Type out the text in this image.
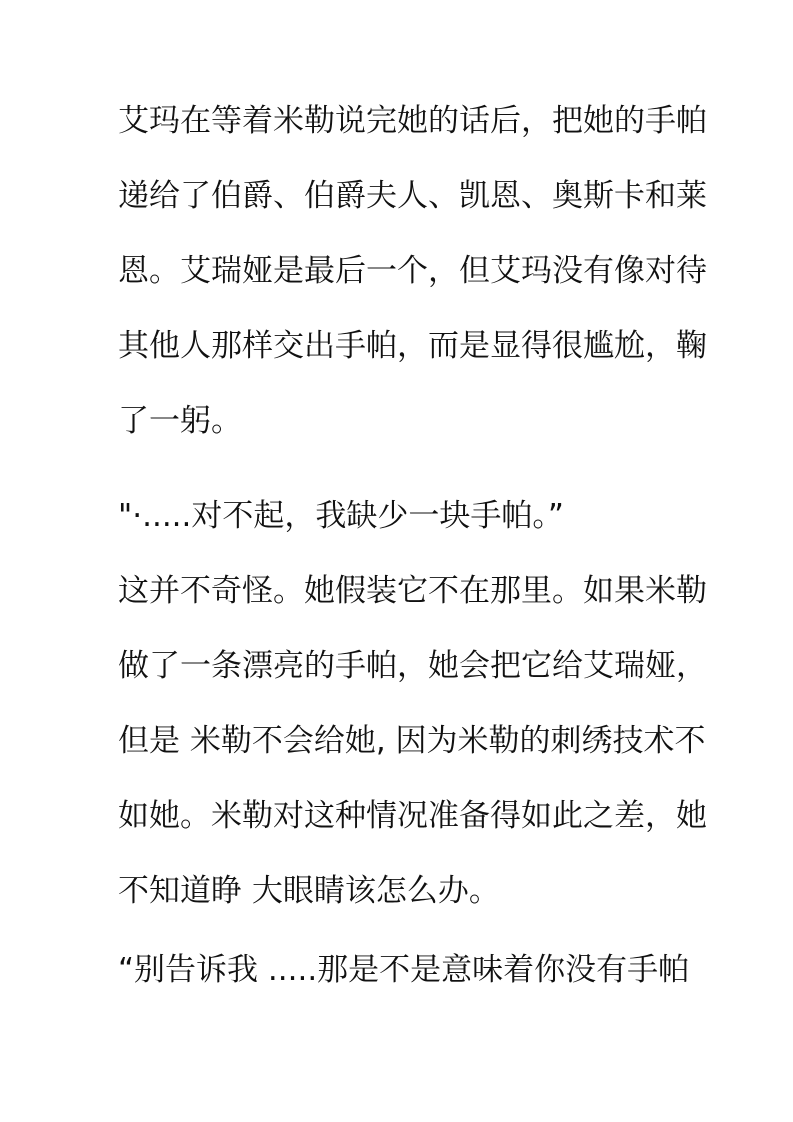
艾玛在等着米勒说完她的话后，把她的手帕
递给了伯爵、伯爵夫人、凯恩、奥斯卡和莱
恩。艾瑞娅是最后一个，但艾玛没有像对待
其他人那样交出手帕，而是显得很尴尬，鞠
了一躬。
"·.....对不起，我缺少一块手帕。”
这并不奇怪。她假装它不在那里。如果米勒
做了一条漂亮的手帕，她会把它给艾瑞娅，
但是 米勒不会给她, 因为米勒的刺绣技术不
如她。米勒对这种情况准备得如此之差，她
不知道睁 大眼睛该怎么办。
“别告诉我 .....那是不是意味着你没有手帕
